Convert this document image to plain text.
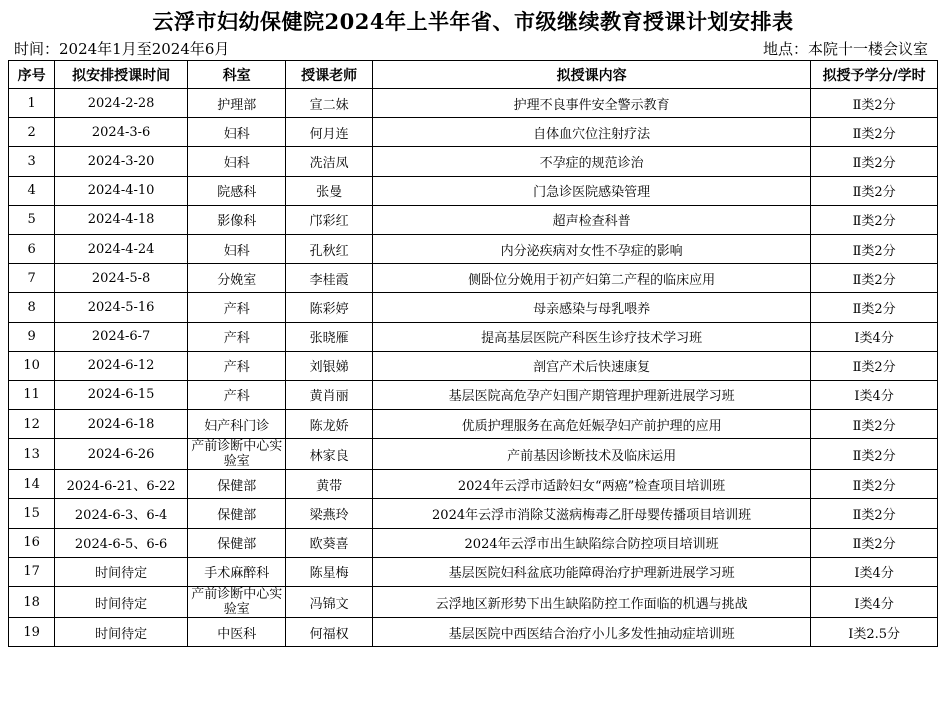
云浮市妇幼保健院2024年上半年省、市级继续教育授课计划安排表
时间：2024年1月至2024年6月	地点：本院十一楼会议室
序号	拟安排授课时间	科室	授课老师	拟授课内容	拟授予学分/学时
1	2024-2-28	护理部	宣二妹	护理不良事件安全警示教育	Ⅱ类2分
2	2024-3-6	妇科	何月连	自体血穴位注射疗法	Ⅱ类2分
3	2024-3-20	妇科	冼洁凤	不孕症的规范诊治	Ⅱ类2分
4	2024-4-10	院感科	张曼	门急诊医院感染管理	Ⅱ类2分
5	2024-4-18	影像科	邝彩红	超声检查科普	Ⅱ类2分
6	2024-4-24	妇科	孔秋红	内分泌疾病对女性不孕症的影响	Ⅱ类2分
7	2024-5-8	分娩室	李桂霞	侧卧位分娩用于初产妇第二产程的临床应用	Ⅱ类2分
8	2024-5-16	产科	陈彩婷	母亲感染与母乳喂养	Ⅱ类2分
9	2024-6-7	产科	张晓雁	提高基层医院产科医生诊疗技术学习班	Ⅰ类4分
10	2024-6-12	产科	刘银娣	剖宫产术后快速康复	Ⅱ类2分
11	2024-6-15	产科	黄肖丽	基层医院高危孕产妇围产期管理护理新进展学习班	Ⅰ类4分
12	2024-6-18	妇产科门诊	陈龙娇	优质护理服务在高危妊娠孕妇产前护理的应用	Ⅱ类2分
13	2024-6-26	产前诊断中心实验室	林家良	产前基因诊断技术及临床运用	Ⅱ类2分
14	2024-6-21、6-22	保健部	黄带	2024年云浮市适龄妇女“两癌”检查项目培训班	Ⅱ类2分
15	2024-6-3、6-4	保健部	梁燕玲	2024年云浮市消除艾滋病梅毒乙肝母婴传播项目培训班	Ⅱ类2分
16	2024-6-5、6-6	保健部	欧葵喜	2024年云浮市出生缺陷综合防控项目培训班	Ⅱ类2分
17	时间待定	手术麻醉科	陈星梅	基层医院妇科盆底功能障碍治疗护理新进展学习班	Ⅰ类4分
18	时间待定	产前诊断中心实验室	冯锦文	云浮地区新形势下出生缺陷防控工作面临的机遇与挑战	Ⅰ类4分
19	时间待定	中医科	何福权	基层医院中西医结合治疗小儿多发性抽动症培训班	Ⅰ类2.5分
